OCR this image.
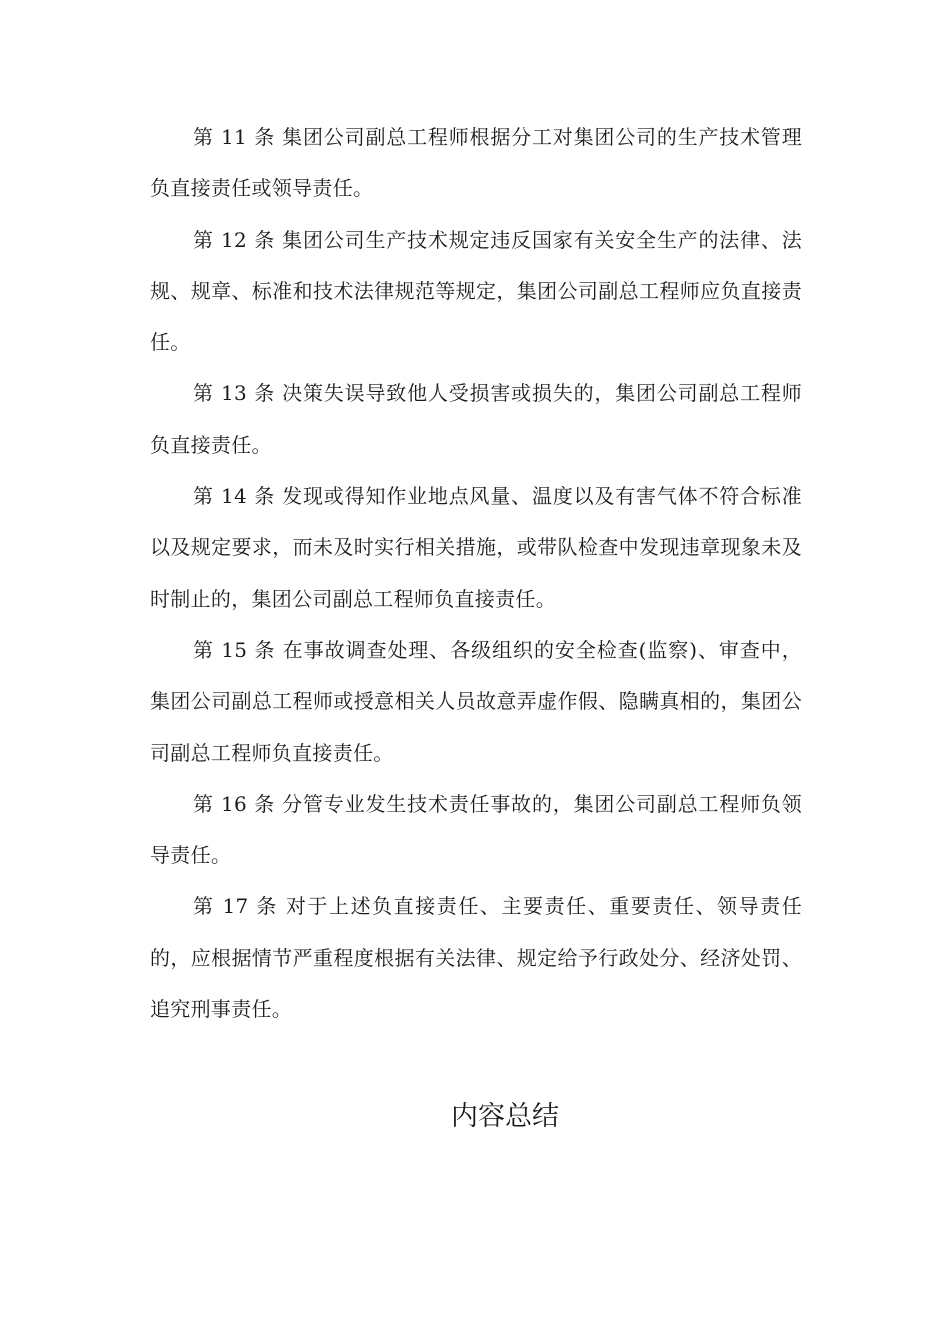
第 11 条 集团公司副总工程师根据分工对集团公司的生产技术管理负直接责任或领导责任。

第 12 条 集团公司生产技术规定违反国家有关安全生产的法律、法规、规章、标准和技术法律规范等规定，集团公司副总工程师应负直接责任。

第 13 条 决策失误导致他人受损害或损失的，集团公司副总工程师负直接责任。

第 14 条 发现或得知作业地点风量、温度以及有害气体不符合标准以及规定要求，而未及时实行相关措施，或带队检查中发现违章现象未及时制止的，集团公司副总工程师负直接责任。

第 15 条 在事故调查处理、各级组织的安全检查(监察)、审查中，集团公司副总工程师或授意相关人员故意弄虚作假、隐瞒真相的，集团公司副总工程师负直接责任。

第 16 条 分管专业发生技术责任事故的，集团公司副总工程师负领导责任。

第 17 条 对于上述负直接责任、主要责任、重要责任、领导责任的，应根据情节严重程度根据有关法律、规定给予行政处分、经济处罚、追究刑事责任。

内容总结
